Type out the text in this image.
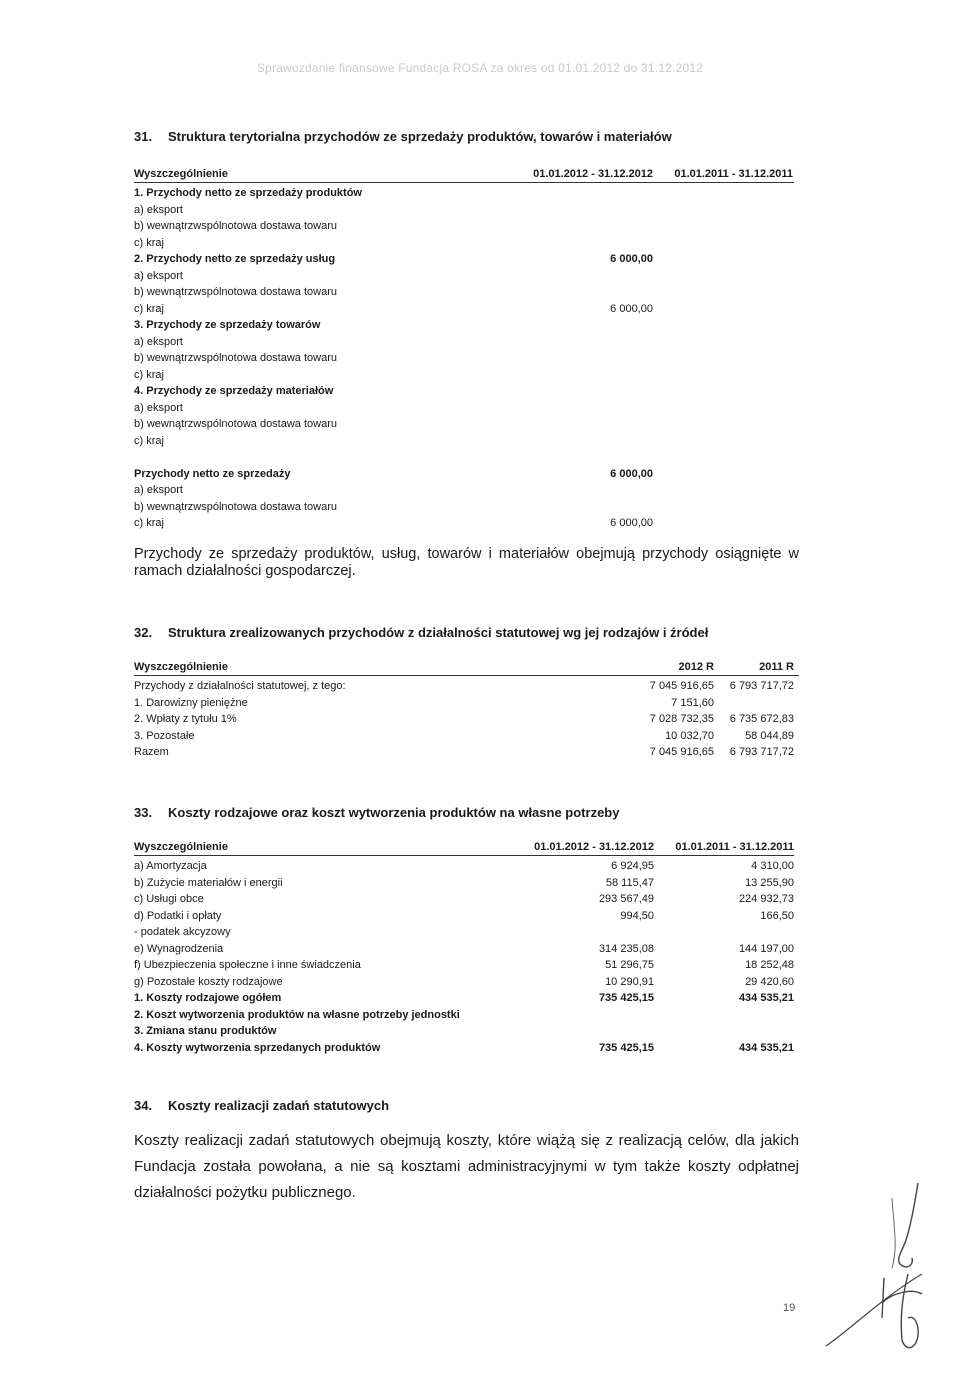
Sprawozdanie finansowe Fundacja ROSA za okres od 01.01.2012 do 31.12.2012
31. Struktura terytorialna przychodów ze sprzedaży produktów, towarów i materiałów
Wyszczególnienie	01.01.2012 - 31.12.2012	01.01.2011 - 31.12.2011
1. Przychody netto ze sprzedaży produktów
a) eksport
b) wewnątrzwspólnotowa dostawa towaru
c) kraj
2. Przychody netto ze sprzedaży usług	6 000,00
a) eksport
b) wewnątrzwspólnotowa dostawa towaru
c) kraj	6 000,00
3. Przychody ze sprzedaży towarów
a) eksport
b) wewnątrzwspólnotowa dostawa towaru
c) kraj
4. Przychody ze sprzedaży materiałów
a) eksport
b) wewnątrzwspólnotowa dostawa towaru
c) kraj
Przychody netto ze sprzedaży	6 000,00
a) eksport
b) wewnątrzwspólnotowa dostawa towaru
c) kraj	6 000,00
Przychody ze sprzedaży produktów, usług, towarów i materiałów obejmują przychody osiągnięte w ramach działalności gospodarczej.
32. Struktura zrealizowanych przychodów z działalności statutowej wg jej rodzajów i źródeł
Wyszczególnienie	2012 R	2011 R
Przychody z działalności statutowej, z tego:	7 045 916,65	6 793 717,72
1. Darowizny pieniężne	7 151,60
2. Wpłaty z tytułu 1%	7 028 732,35	6 735 672,83
3. Pozostałe	10 032,70	58 044,89
Razem	7 045 916,65	6 793 717,72
33. Koszty rodzajowe oraz koszt wytworzenia produktów na własne potrzeby
Wyszczególnienie	01.01.2012 - 31.12.2012	01.01.2011 - 31.12.2011
a) Amortyzacja	6 924,95	4 310,00
b) Zużycie materiałów i energii	58 115,47	13 255,90
c) Usługi obce	293 567,49	224 932,73
d) Podatki i opłaty	994,50	166,50
- podatek akcyzowy
e) Wynagrodzenia	314 235,08	144 197,00
f) Ubezpieczenia społeczne i inne świadczenia	51 296,75	18 252,48
g) Pozostałe koszty rodzajowe	10 290,91	29 420,60
1. Koszty rodzajowe ogółem	735 425,15	434 535,21
2. Koszt wytworzenia produktów na własne potrzeby jednostki
3. Zmiana stanu produktów
4. Koszty wytworzenia sprzedanych produktów	735 425,15	434 535,21
34. Koszty realizacji zadań statutowych
Koszty realizacji zadań statutowych obejmują koszty, które wiążą się z realizacją celów, dla jakich Fundacja została powołana, a nie są kosztami administracyjnymi w tym także koszty odpłatnej działalności pożytku publicznego.
19
